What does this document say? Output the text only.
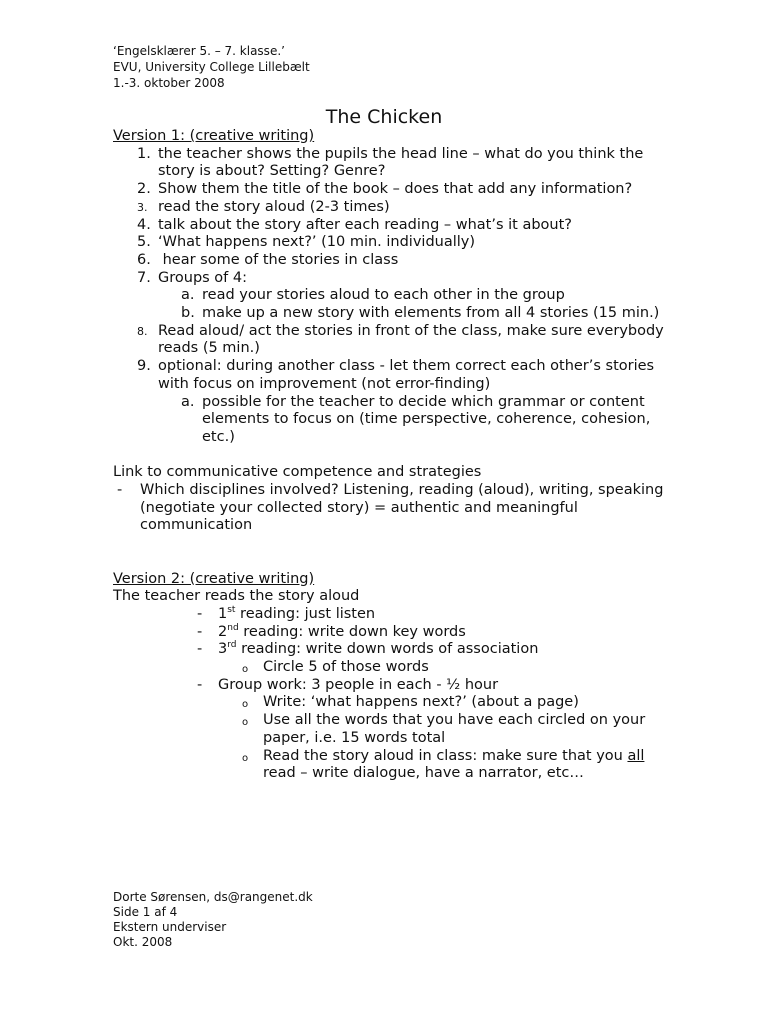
‘Engelsklærer 5. – 7. klasse.’
EVU, University College Lillebælt
1.-3. oktober 2008
The Chicken
Version 1: (creative writing)
1. the teacher shows the pupils the head line – what do you think the story is about? Setting? Genre?
2. Show them the title of the book – does that add any information?
3. read the story aloud (2-3 times)
4. talk about the story after each reading – what’s it about?
5. ‘What happens next?’ (10 min. individually)
6. hear some of the stories in class
7. Groups of 4:
a. read your stories aloud to each other in the group
b. make up a new story with elements from all 4 stories (15 min.)
8. Read aloud/ act the stories in front of the class, make sure everybody reads (5 min.)
9. optional: during another class - let them correct each other’s stories with focus on improvement (not error-finding)
a. possible for the teacher to decide which grammar or content elements to focus on (time perspective, coherence, cohesion, etc.)
Link to communicative competence and strategies
- Which disciplines involved? Listening, reading (aloud), writing, speaking (negotiate your collected story) = authentic and meaningful communication
Version 2: (creative writing)
The teacher reads the story aloud
- 1st reading: just listen
- 2nd reading: write down key words
- 3rd reading: write down words of association
o Circle 5 of those words
- Group work: 3 people in each - ½ hour
o Write: ‘what happens next?’ (about a page)
o Use all the words that you have each circled on your paper, i.e. 15 words total
o Read the story aloud in class: make sure that you all read – write dialogue, have a narrator, etc…
Dorte Sørensen, ds@rangenet.dk
Side 1 af 4
Ekstern underviser
Okt. 2008
